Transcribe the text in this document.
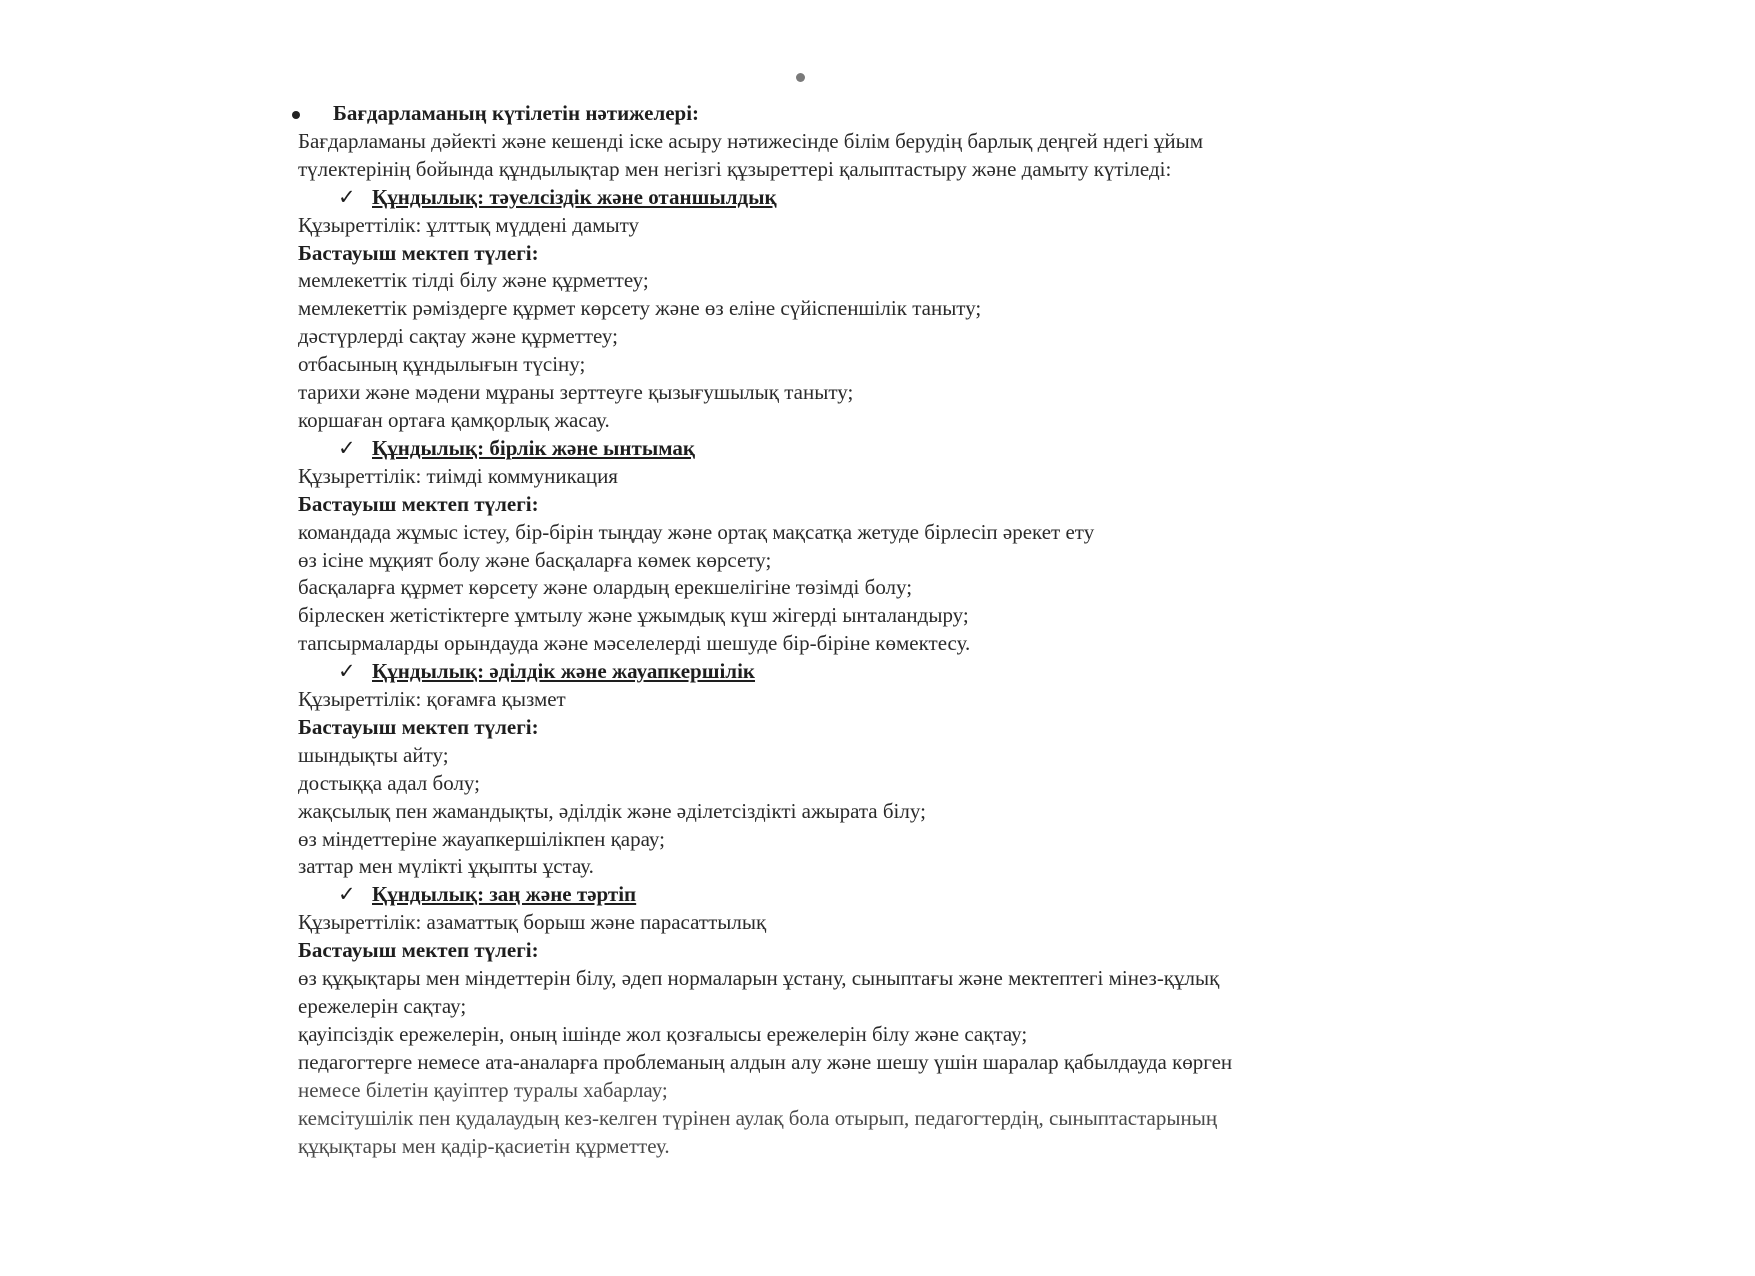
Бағдарламаның күтілетін нәтижелері:
Бағдарламаны дәйекті және кешенді іске асыру нәтижесінде білім берудің барлық деңгей ндегі ұйым
түлектерінің бойында құндылықтар мен негізгі құзыреттері қалыптастыру және дамыту күтіледі:
✓ Құндылық: тәуелсіздік және отаншылдық
Құзыреттілік: ұлттық мүддені дамыту
Бастауыш мектеп түлегі:
мемлекеттік тілді білу және құрметтеу;
мемлекеттік рәміздерге құрмет көрсету және өз еліне сүйіспеншілік таныту;
дәстүрлерді сақтау және құрметтеу;
отбасының құндылығын түсіну;
тарихи және мәдени мұраны зерттеуге қызығушылық таныту;
коршаған ортаға қамқорлық жасау.
✓ Құндылық: бірлік және ынтымақ
Құзыреттілік: тиімді коммуникация
Бастауыш мектеп түлегі:
командада жұмыс істеу, бір-бірін тыңдау және ортақ мақсатқа жетуде бірлесіп әрекет ету
өз ісіне мұқият болу және басқаларға көмек көрсету;
басқаларға құрмет көрсету және олардың ерекшелігіне төзімді болу;
бірлескен жетістіктерге ұмтылу және ұжымдық күш жігерді ынталандыру;
тапсырмаларды орындауда және мәселелерді шешуде бір-біріне көмектесу.
✓ Құндылық: әділдік және жауапкершілік
Құзыреттілік: қоғамға қызмет
Бастауыш мектеп түлегі:
шындықты айту;
достыққа адал болу;
жақсылық пен жамандықты, әділдік және әділетсіздікті ажырата білу;
өз міндеттеріне жауапкершілікпен қарау;
заттар мен мүлікті ұқыпты ұстау.
✓ Құндылық: заң және тәртіп
Құзыреттілік: азаматтық борыш және парасаттылық
Бастауыш мектеп түлегі:
өз құқықтары мен міндеттерін білу, әдеп нормаларын ұстану, сыныптағы және мектептегі мінез-құлық
ережелерін сақтау;
қауіпсіздік ережелерін, оның ішінде жол қозғалысы ережелерін білу және сақтау;
педагогтерге немесе ата-аналарға проблеманың алдын алу және шешу үшін шаралар қабылдауда көрген
немесе білетін қауіптер туралы хабарлау;
кемсітушілік пен қудалаудың кез-келген түрінен аулақ бола отырып, педагогтердің, сыныптастарының
құқықтары мен қадір-қасиетін құрметтеу.
